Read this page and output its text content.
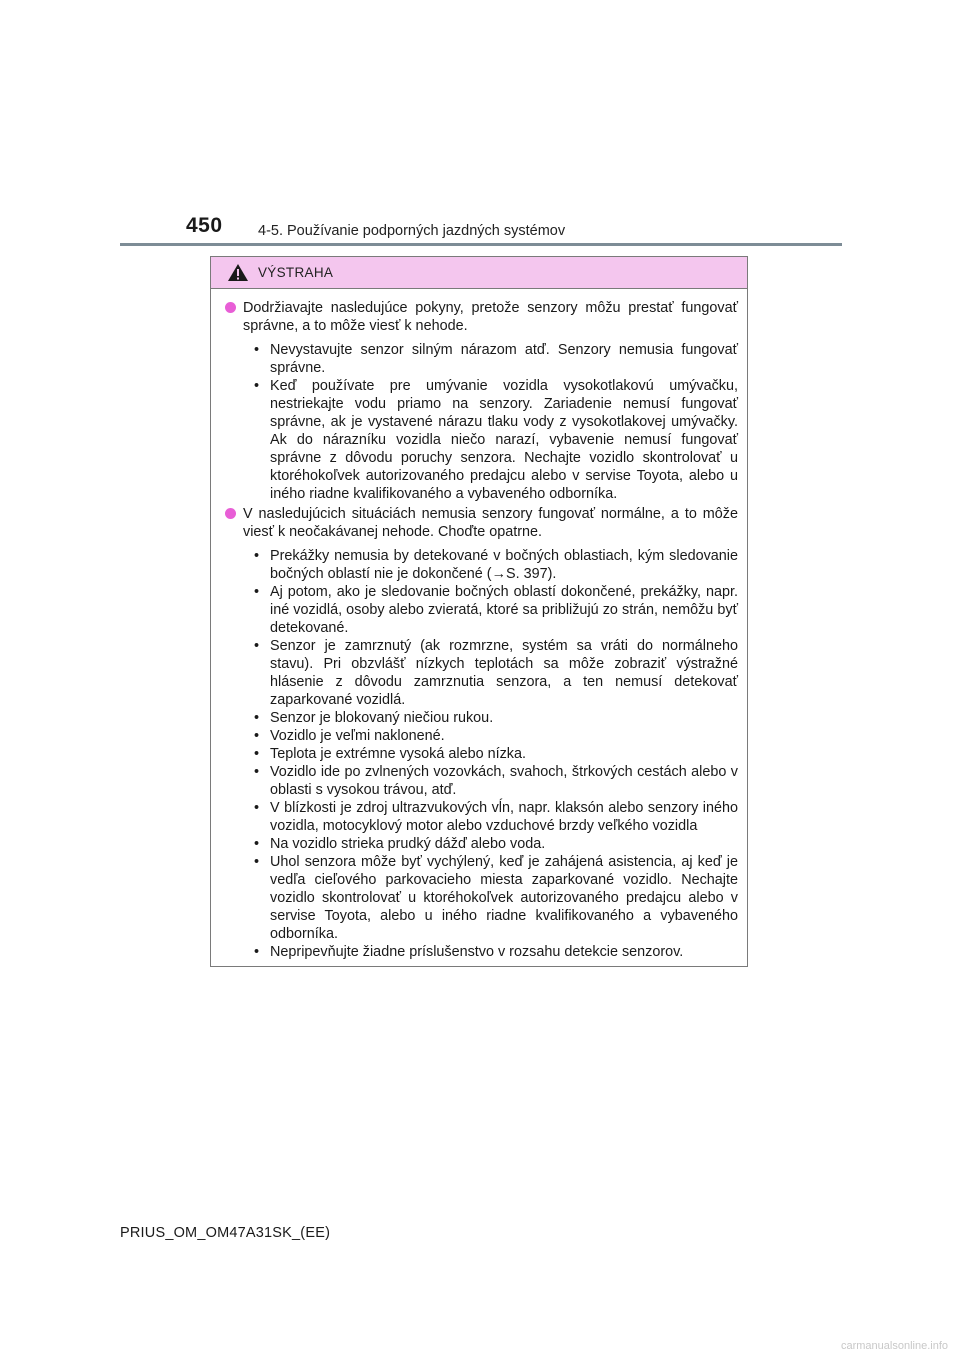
450 4-5. Používanie podporných jazdných systémov
VÝSTRAHA
Dodržiavajte nasledujúce pokyny, pretože senzory môžu prestať fungovať správne, a to môže viesť k nehode.
• Nevystavujte senzor silným nárazom atď. Senzory nemusia fungovať správne.
• Keď používate pre umývanie vozidla vysokotlakovú umývačku, nestriekajte vodu priamo na senzory. Zariadenie nemusí fungovať správne, ak je vystavené nárazu tlaku vody z vysokotlakovej umývačky. Ak do nárazníku vozidla niečo narazí, vybavenie nemusí fungovať správne z dôvodu poruchy senzora. Nechajte vozidlo skontrolovať u ktoréhokoľvek autorizovaného predajcu alebo v servise Toyota, alebo u iného riadne kvalifikovaného a vybaveného odborníka.
V nasledujúcich situáciách nemusia senzory fungovať normálne, a to môže viesť k neočakávanej nehode. Choďte opatrne.
• Prekážky nemusia by detekované v bočných oblastiach, kým sledovanie bočných oblastí nie je dokončené (→S. 397).
• Aj potom, ako je sledovanie bočných oblastí dokončené, prekážky, napr. iné vozidlá, osoby alebo zvieratá, ktoré sa približujú zo strán, nemôžu byť detekované.
• Senzor je zamrznutý (ak rozmrzne, systém sa vráti do normálneho stavu). Pri obzvlášť nízkych teplotách sa môže zobraziť výstražné hlásenie z dôvodu zamrznutia senzora, a ten nemusí detekovať zaparkované vozidlá.
• Senzor je blokovaný niečiou rukou.
• Vozidlo je veľmi naklonené.
• Teplota je extrémne vysoká alebo nízka.
• Vozidlo ide po zvlnených vozovkách, svahoch, štrkových cestách alebo v oblasti s vysokou trávou, atď.
• V blízkosti je zdroj ultrazvukových vĺn, napr. klaksón alebo senzory iného vozidla, motocyklový motor alebo vzduchové brzdy veľkého vozidla
• Na vozidlo strieka prudký dážď alebo voda.
• Uhol senzora môže byť vychýlený, keď je zahájená asistencia, aj keď je vedľa cieľového parkovacieho miesta zaparkované vozidlo. Nechajte vozidlo skontrolovať u ktoréhokoľvek autorizovaného predajcu alebo v servise Toyota, alebo u iného riadne kvalifikovaného a vybaveného odborníka.
• Nepripevňujte žiadne príslušenstvo v rozsahu detekcie senzorov.
PRIUS_OM_OM47A31SK_(EE)
carmanualsonline.info
